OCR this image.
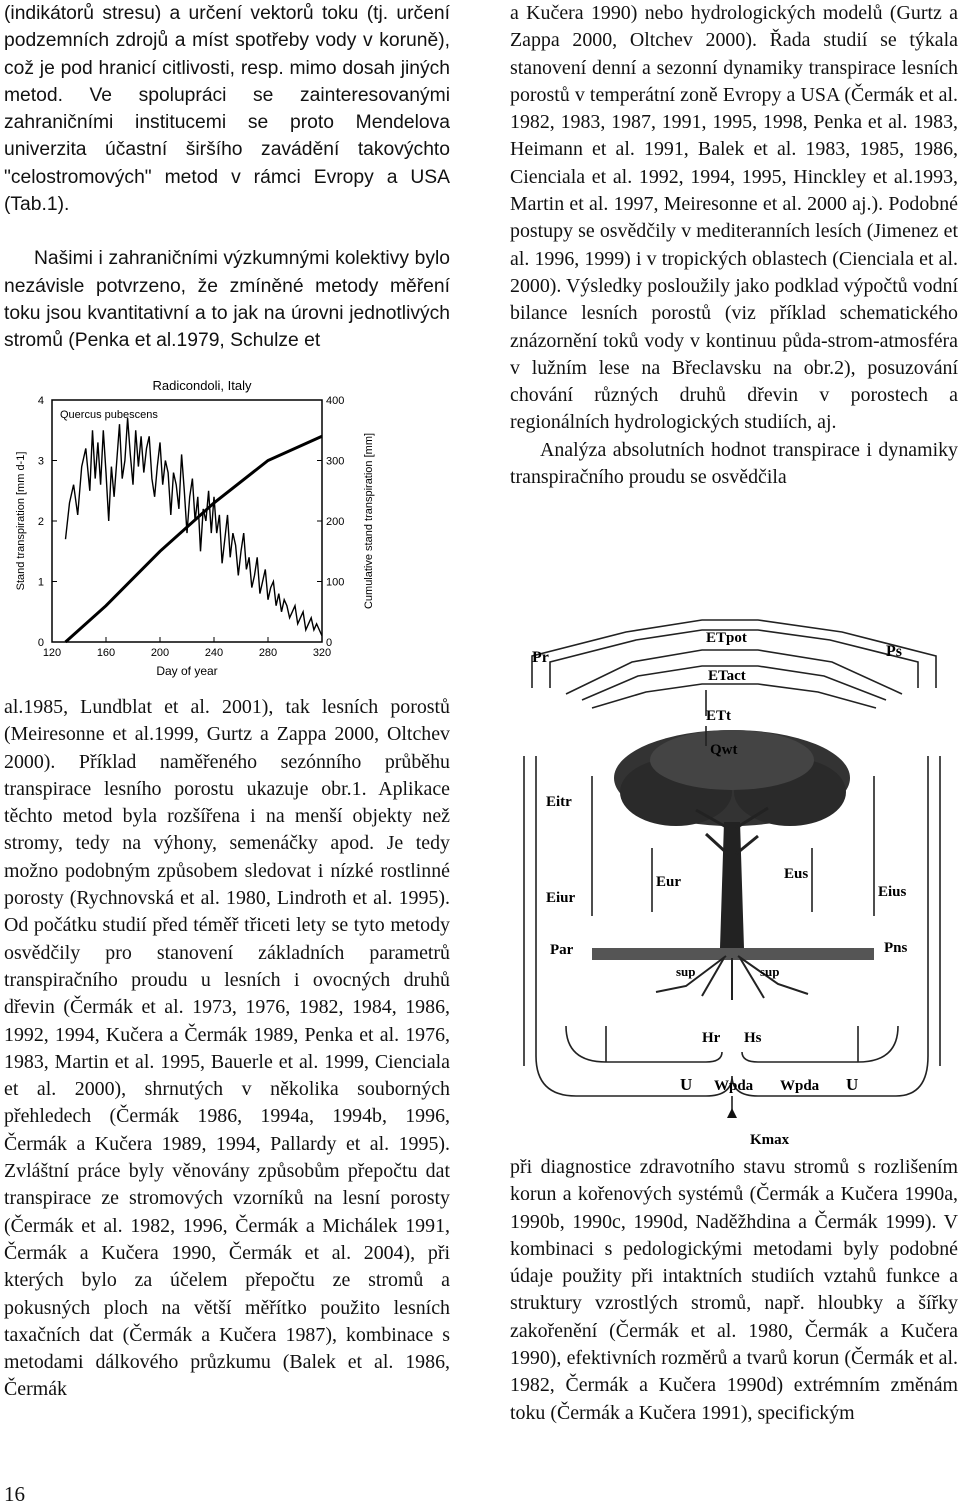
(indikátorů stresu) a určení vektorů toku (tj. určení podzemních zdrojů a míst spotřeby vody v koruně), což je pod hranicí citlivosti, resp. mimo dosah jiných metod. Ve spolupráci se zainteresovanými zahraničními institucemi se proto Mendelova univerzita účastní širšího zavádění takovýchto "celostromových" metod v rámci Evropy a USA (Tab.1).

Našimi i zahraničními výzkumnými kolektivy bylo nezávisle potvrzeno, že zmíněné metody měření toku jsou kvantitativní a to jak na úrovni jednotlivých stromů (Penka et al.1979, Schulze et

a Kučera 1990) nebo hydrologických modelů (Gurtz a Zappa 2000, Oltchev 2000). Řada studií se týkala stanovení denní a sezonní dynamiky transpirace lesních porostů v temperátní zoně Evropy a USA (Čermák et al. 1982, 1983, 1987, 1991, 1995, 1998, Penka et al. 1983, Heimann et al. 1991, Balek et al. 1983, 1985, 1986, Cienciala et al. 1992, 1994, 1995, Hinckley et al.1993, Martin et al. 1997, Meiresonne et al. 2000 aj.). Podobné postupy se osvědčily v mediteranních lesích (Jimenez et al. 1996, 1999) i v tropických oblastech (Cienciala et al. 2000). Výsledky posloužily jako podklad výpočtů vodní bilance lesních porostů (viz příklad schematického znázornění toků vody v kontinuu půda-strom-atmosféra v lužním lese na Břeclavsku na obr.2), posuzování chování různých druhů dřevin v porostech a regionálních hydrologických studiích, aj.

Analýza absolutních hodnot transpirace i dynamiky transpiračního proudu se osvědčila

Radicondoli, Italy
Quercus pubescens
Stand transpiration [mm d-1]	Cumulative stand transpiration [mm]
Day of year
120	160	200	240	280	320
0
1
2
3
4
0
100
200
300
400
Pr	Ps
ETpot
ETact
ETt
Qwt
Eitr
Eiur
Eur	Eus
Eius
Par	Pns
sup	sup
Hr Hs
U Wpda Wpda U
Kmax

al.1985, Lundblat et al. 2001), tak lesních porostů (Meiresonne et al.1999, Gurtz a Zappa 2000, Oltchev 2000). Příklad naměřeného sezónního průběhu transpirace lesního porostu ukazuje obr.1. Aplikace těchto metod byla rozšířena i na menší objekty než stromy, tedy na výhony, semenáčky apod. Je tedy možno podobným způsobem sledovat i nízké rostlinné porosty (Rychnovská et al. 1980, Lindroth et al. 1995). Od počátku studií před téměř třiceti lety se tyto metody osvědčily pro stanovení základních parametrů transpiračního proudu u lesních i ovocných druhů dřevin (Čermák et al. 1973, 1976, 1982, 1984, 1986, 1992, 1994, Kučera a Čermák 1989, Penka et al. 1976, 1983, Martin et al. 1995, Bauerle et al. 1999, Cienciala et al. 2000), shrnutých v několika souborných přehledech (Čermák 1986, 1994a, 1994b, 1996, Čermák a Kučera 1989, 1994, Pallardy et al. 1995). Zvláštní práce byly věnovány způsobům přepočtu dat transpirace ze stromových vzorníků na lesní porosty (Čermák et al. 1982, 1996, Čermák a Michálek 1991, Čermák a Kučera 1990, Čermák et al. 2004), při kterých bylo za účelem přepočtu ze stromů a pokusných ploch na větší měřítko použito lesních taxačních dat (Čermák a Kučera 1987), kombinace s metodami dálkového průzkumu (Balek et al. 1986, Čermák

při diagnostice zdravotního stavu stromů s rozlišením korun a kořenových systémů (Čermák a Kučera 1990a, 1990b, 1990c, 1990d, Naděžhdina a Čermák 1999). V kombinaci s pedologickými metodami byly podobné údaje použity při intaktních studiích vztahů funkce a struktury vzrostlých stromů, např. hloubky a šířky zakořenění (Čermák et al. 1980, Čermák a Kučera 1990), efektivních rozměrů a tvarů korun (Čermák et al. 1982, Čermák a Kučera 1990d) extrémním změnám toku (Čermák a Kučera 1991), specifickým

16
